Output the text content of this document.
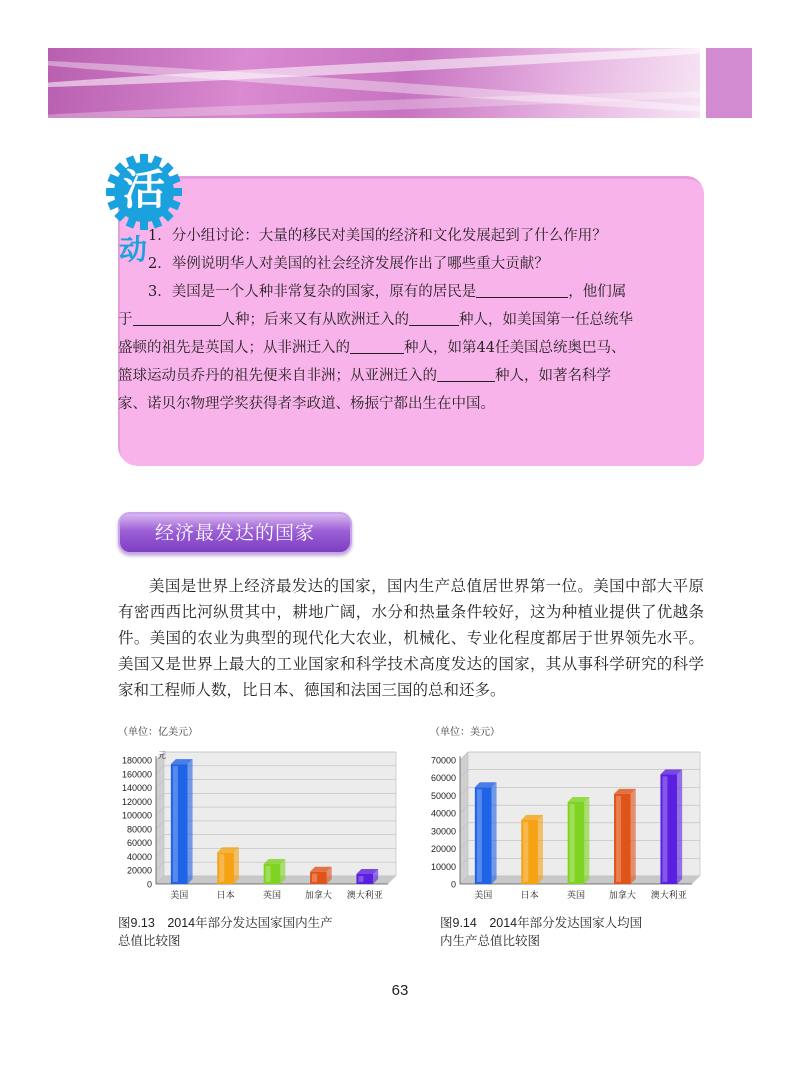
活
动 1．分小组讨论：大量的移民对美国的经济和文化发展起到了什么作用？
2．举例说明华人对美国的社会经济发展作出了哪些重大贡献？
3．美国是一个人种非常复杂的国家，原有的居民是	，他们属
于	人种；后来又有从欧洲迁入的	种人，如美国第一任总统华
盛顿的祖先是英国人；从非洲迁入的	种人，如第44任美国总统奥巴马、
篮球运动员乔丹的祖先便来自非洲；从亚洲迁入的	种人，如著名科学
家、诺贝尔物理学奖获得者李政道、杨振宁都出生在中国。
经济最发达的国家
美国是世界上经济最发达的国家，国内生产总值居世界第一位。美国中部大平原有密西西比河纵贯其中，耕地广阔，水分和热量条件较好，这为种植业提供了优越条件。美国的农业为典型的现代化大农业，机械化、专业化程度都居于世界领先水平。美国又是世界上最大的工业国家和科学技术高度发达的国家，其从事科学研究的科学家和工程师人数，比日本、德国和法国三国的总和还多。
（单位：亿美元）
0
20000
40000
60000
80000
100000
120000
140000
160000
180000 元
美国	日本	英国	加拿大 澳大利亚
图9.13　2014年部分发达国家国内生产
总值比较图
（单位：美元）
0
10000
20000
30000
40000
50000
60000
70000
美国	日本	英国	加拿大 澳大利亚
图9.14　2014年部分发达国家人均国
内生产总值比较图
63
